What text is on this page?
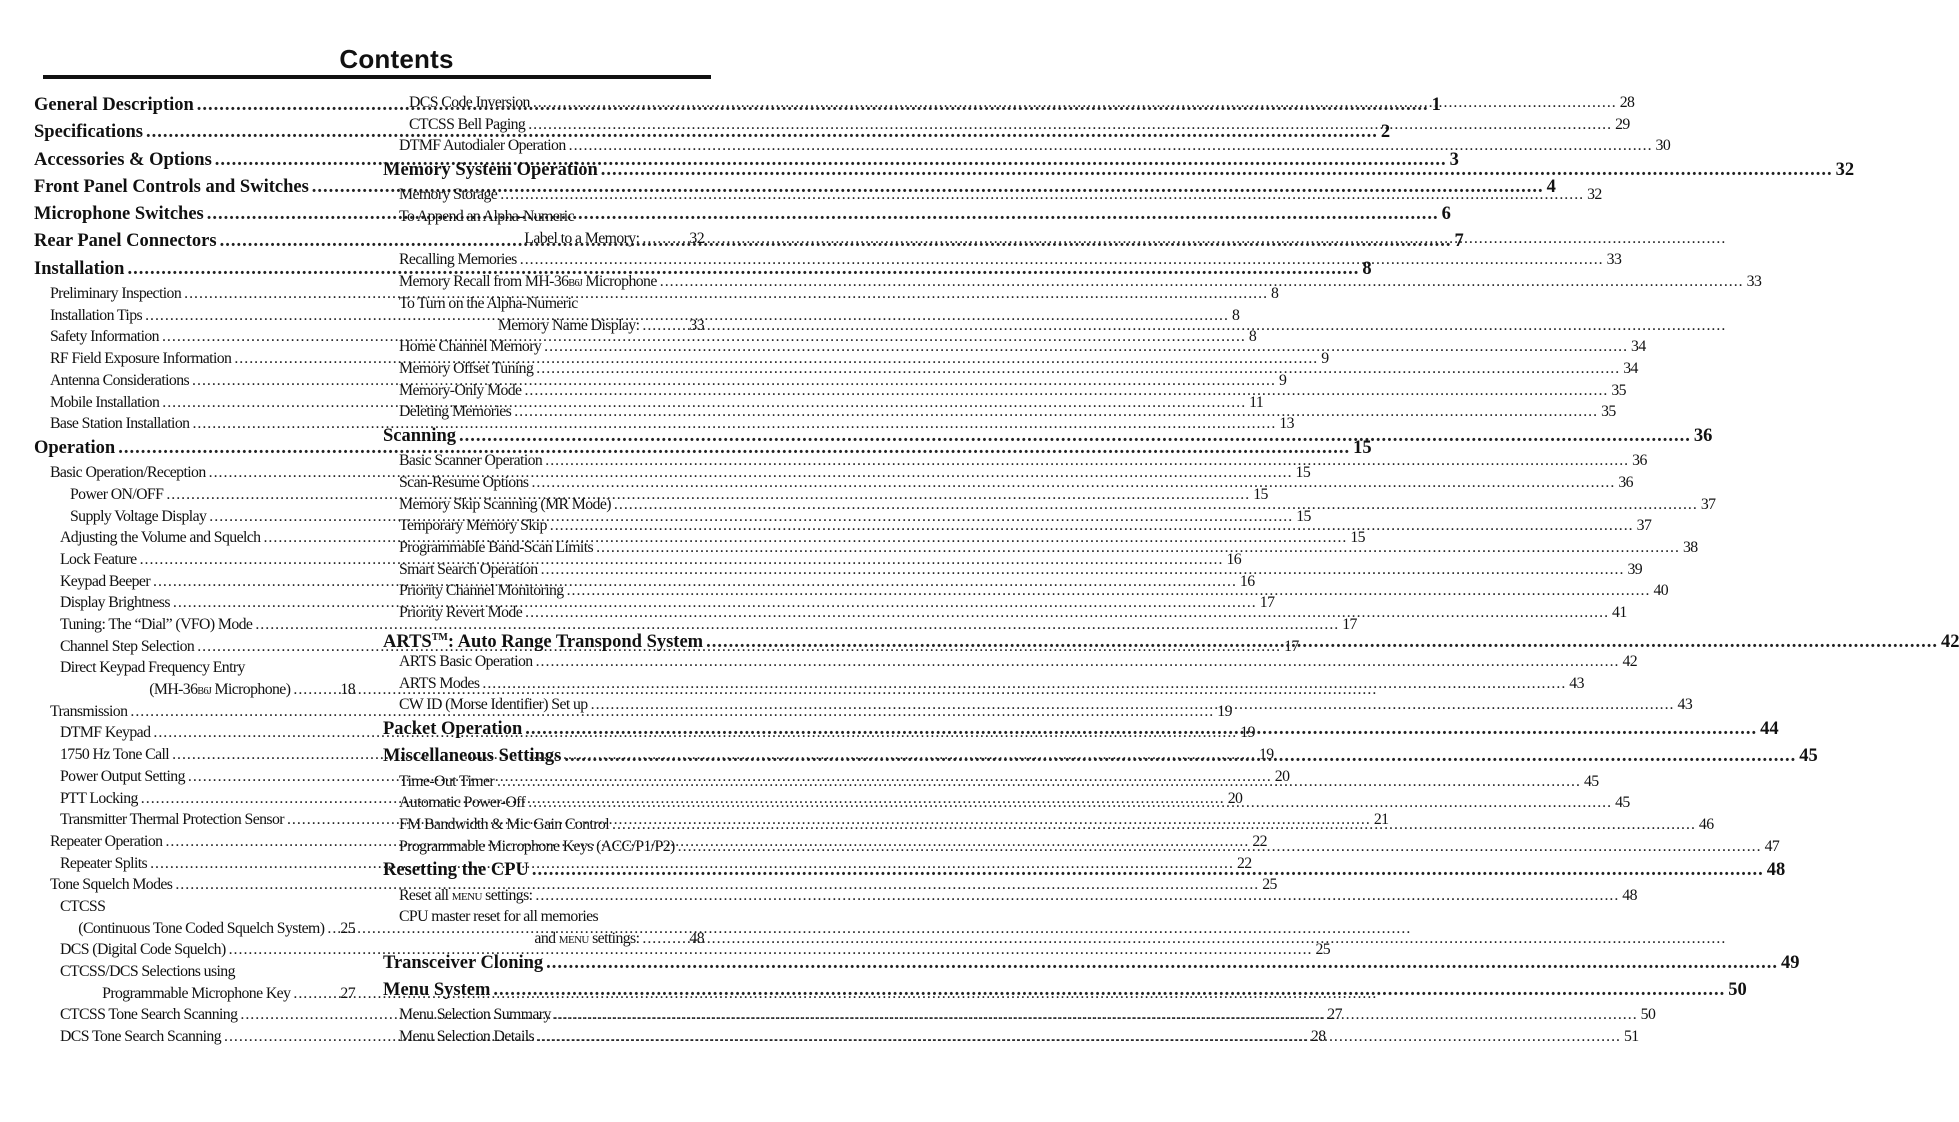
Contents
General Description .....	1
Specifications .....	2
Accessories & Options .....	3
Front Panel Controls and Switches .....	4
Microphone Switches .....	6
Rear Panel Connectors .....	7
Installation .....	8
Preliminary Inspection .....	8
Installation Tips .....	8
Safety Information .....	8
RF Field Exposure Information .....	9
Antenna Considerations .....	9
Mobile Installation .....	11
Base Station Installation .....	13
Operation .....	15
Basic Operation/Reception .....	15
Power ON/OFF .....	15
Supply Voltage Display .....	15
Adjusting the Volume and Squelch .....	15
Lock Feature .....	16
Keypad Beeper .....	16
Display Brightness .....	17
Tuning: The “Dial” (VFO) Mode .....	17
Channel Step Selection .....	17
Direct Keypad Frequency Entry
(MH-36B6J Microphone) .....	18
Transmission .....	19
DTMF Keypad .....	19
1750 Hz Tone Call .....	19
Power Output Setting .....	20
PTT Locking .....	20
Transmitter Thermal Protection Sensor .....	21
Repeater Operation .....	22
Repeater Splits .....	22
Tone Squelch Modes .....	25
CTCSS
(Continuous Tone Coded Squelch System) ..... 25
DCS (Digital Code Squelch) .....	25
CTCSS/DCS Selections using
Programmable Microphone Key .....	27
CTCSS Tone Search Scanning .....	27
DCS Tone Search Scanning .....	28
DCS Code Inversion .....	28
CTCSS Bell Paging .....	29
DTMF Autodialer Operation .....	30
Memory System Operation .....	32
Memory Storage .....	32
To Append an Alpha-Numeric
Label to a Memory: .....	32
Recalling Memories .....	33
Memory Recall from MH-36B6J Microphone .....	33
To Turn on the Alpha-Numeric
Memory Name Display: .....	33
Home Channel Memory .....	34
Memory Offset Tuning .....	34
Memory-Only Mode .....	35
Deleting Memories .....	35
Scanning .....	36
Basic Scanner Operation .....	36
Scan-Resume Options .....	36
Memory Skip Scanning (MR Mode) .....	37
Temporary Memory Skip .....	37
Programmable Band-Scan Limits .....	38
Smart Search Operation .....	39
Priority Channel Monitoring .....	40
Priority Revert Mode .....	41
ARTS™: Auto Range Transpond System .....	42
ARTS Basic Operation .....	42
ARTS Modes .....	43
CW ID (Morse Identifier) Set up .....	43
Packet Operation .....	44
Miscellaneous Settings .....	45
Time-Out Timer .....	45
Automatic Power-Off .....	45
FM Bandwidth & Mic Gain Control .....	46
Programmable Microphone Keys (ACC/P1/P2) .....	47
Resetting the CPU .....	48
Reset all MENU settings: .....	48
CPU master reset for all memories
and MENU settings: .....	48
Transceiver Cloning .....	49
Menu System .....	50
Menu Selection Summary .....	50
Menu Selection Details .....	51
